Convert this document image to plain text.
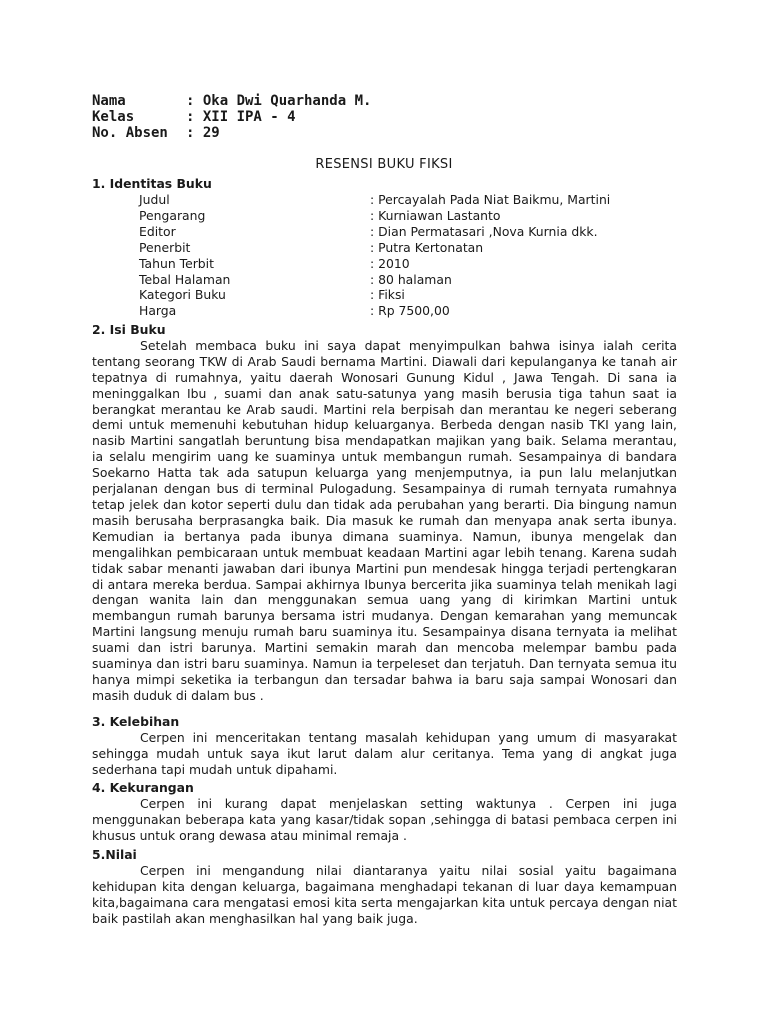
Nama	: Oka Dwi Quarhanda M.
Kelas	: XII IPA - 4
No. Absen	: 29
RESENSI BUKU FIKSI
1. Identitas Buku
Judul	: Percayalah Pada Niat Baikmu, Martini
Pengarang	: Kurniawan Lastanto
Editor	: Dian Permatasari ,Nova Kurnia dkk.
Penerbit	: Putra Kertonatan
Tahun Terbit	: 2010
Tebal Halaman	: 80 halaman
Kategori Buku	: Fiksi
Harga	: Rp 7500,00
2. Isi Buku
Setelah membaca buku ini saya dapat menyimpulkan bahwa isinya ialah cerita tentang seorang TKW di Arab Saudi bernama Martini. Diawali dari kepulanganya ke tanah air tepatnya di rumahnya, yaitu daerah Wonosari Gunung Kidul , Jawa Tengah. Di sana ia meninggalkan Ibu , suami dan anak satu-satunya yang masih berusia tiga tahun saat ia berangkat merantau ke Arab saudi. Martini rela berpisah dan merantau ke negeri seberang demi untuk memenuhi kebutuhan hidup keluarganya. Berbeda dengan nasib TKI yang lain, nasib Martini sangatlah beruntung bisa mendapatkan majikan yang baik. Selama merantau, ia selalu mengirim uang ke suaminya untuk membangun rumah. Sesampainya di bandara Soekarno Hatta tak ada satupun keluarga yang menjemputnya, ia pun lalu melanjutkan perjalanan dengan bus di terminal Pulogadung. Sesampainya di rumah ternyata rumahnya tetap jelek dan kotor seperti dulu dan tidak ada perubahan yang berarti. Dia bingung namun masih berusaha berprasangka baik. Dia masuk ke rumah dan menyapa anak serta ibunya. Kemudian ia bertanya pada ibunya dimana suaminya. Namun, ibunya mengelak dan mengalihkan pembicaraan untuk membuat keadaan Martini agar lebih tenang. Karena sudah tidak sabar menanti jawaban dari ibunya Martini pun mendesak hingga terjadi pertengkaran di antara mereka berdua. Sampai akhirnya Ibunya bercerita jika suaminya telah menikah lagi dengan wanita lain dan menggunakan semua uang yang di kirimkan Martini untuk membangun rumah barunya bersama istri mudanya. Dengan kemarahan yang memuncak Martini langsung menuju rumah baru suaminya itu. Sesampainya disana ternyata ia melihat suami dan istri barunya. Martini semakin marah dan mencoba melempar bambu pada suaminya dan istri baru suaminya. Namun ia terpeleset dan terjatuh. Dan ternyata semua itu hanya mimpi seketika ia terbangun dan tersadar bahwa ia baru saja sampai Wonosari dan masih duduk di dalam bus .
3. Kelebihan
Cerpen ini menceritakan tentang masalah kehidupan yang umum di masyarakat sehingga mudah untuk saya ikut larut dalam alur ceritanya. Tema yang di angkat juga sederhana tapi mudah untuk dipahami.
4. Kekurangan
Cerpen ini kurang dapat menjelaskan setting waktunya . Cerpen ini juga menggunakan beberapa kata yang kasar/tidak sopan ,sehingga di batasi pembaca cerpen ini khusus untuk orang dewasa atau minimal remaja .
5.Nilai
Cerpen ini mengandung nilai diantaranya yaitu nilai sosial yaitu bagaimana kehidupan kita dengan keluarga, bagaimana menghadapi tekanan di luar daya kemampuan kita,bagaimana cara mengatasi emosi kita serta mengajarkan kita untuk percaya dengan niat baik pastilah akan menghasilkan hal yang baik juga.
